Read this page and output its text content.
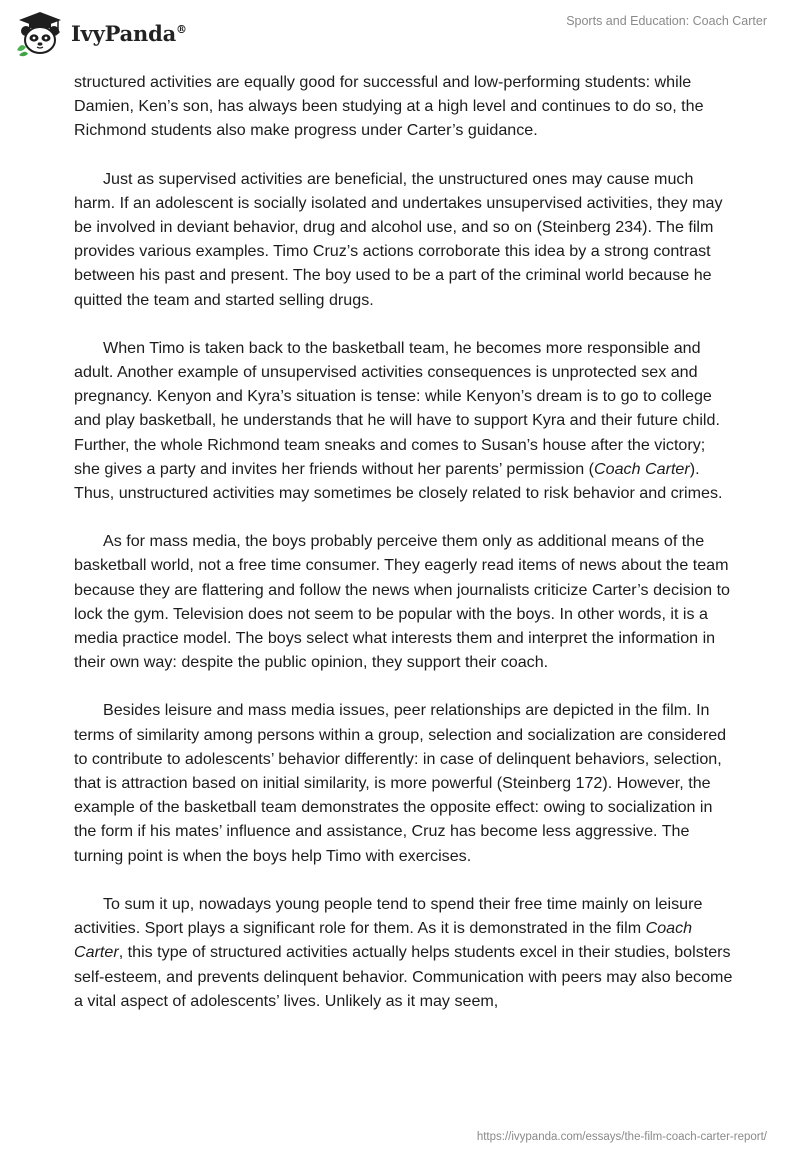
IvyPanda®
Sports and Education: Coach Carter

structured activities are equally good for successful and low-performing students: while Damien, Ken’s son, has always been studying at a high level and continues to do so, the Richmond students also make progress under Carter’s guidance.

Just as supervised activities are beneficial, the unstructured ones may cause much harm. If an adolescent is socially isolated and undertakes unsupervised activities, they may be involved in deviant behavior, drug and alcohol use, and so on (Steinberg 234). The film provides various examples. Timo Cruz’s actions corroborate this idea by a strong contrast between his past and present. The boy used to be a part of the criminal world because he quitted the team and started selling drugs.

When Timo is taken back to the basketball team, he becomes more responsible and adult. Another example of unsupervised activities consequences is unprotected sex and pregnancy. Kenyon and Kyra’s situation is tense: while Kenyon’s dream is to go to college and play basketball, he understands that he will have to support Kyra and their future child. Further, the whole Richmond team sneaks and comes to Susan’s house after the victory; she gives a party and invites her friends without her parents’ permission (Coach Carter). Thus, unstructured activities may sometimes be closely related to risk behavior and crimes.

As for mass media, the boys probably perceive them only as additional means of the basketball world, not a free time consumer. They eagerly read items of news about the team because they are flattering and follow the news when journalists criticize Carter’s decision to lock the gym. Television does not seem to be popular with the boys. In other words, it is a media practice model. The boys select what interests them and interpret the information in their own way: despite the public opinion, they support their coach.

Besides leisure and mass media issues, peer relationships are depicted in the film. In terms of similarity among persons within a group, selection and socialization are considered to contribute to adolescents’ behavior differently: in case of delinquent behaviors, selection, that is attraction based on initial similarity, is more powerful (Steinberg 172). However, the example of the basketball team demonstrates the opposite effect: owing to socialization in the form if his mates’ influence and assistance, Cruz has become less aggressive. The turning point is when the boys help Timo with exercises.

To sum it up, nowadays young people tend to spend their free time mainly on leisure activities. Sport plays a significant role for them. As it is demonstrated in the film Coach Carter, this type of structured activities actually helps students excel in their studies, bolsters self-esteem, and prevents delinquent behavior. Communication with peers may also become a vital aspect of adolescents’ lives. Unlikely as it may seem,

https://ivypanda.com/essays/the-film-coach-carter-report/
